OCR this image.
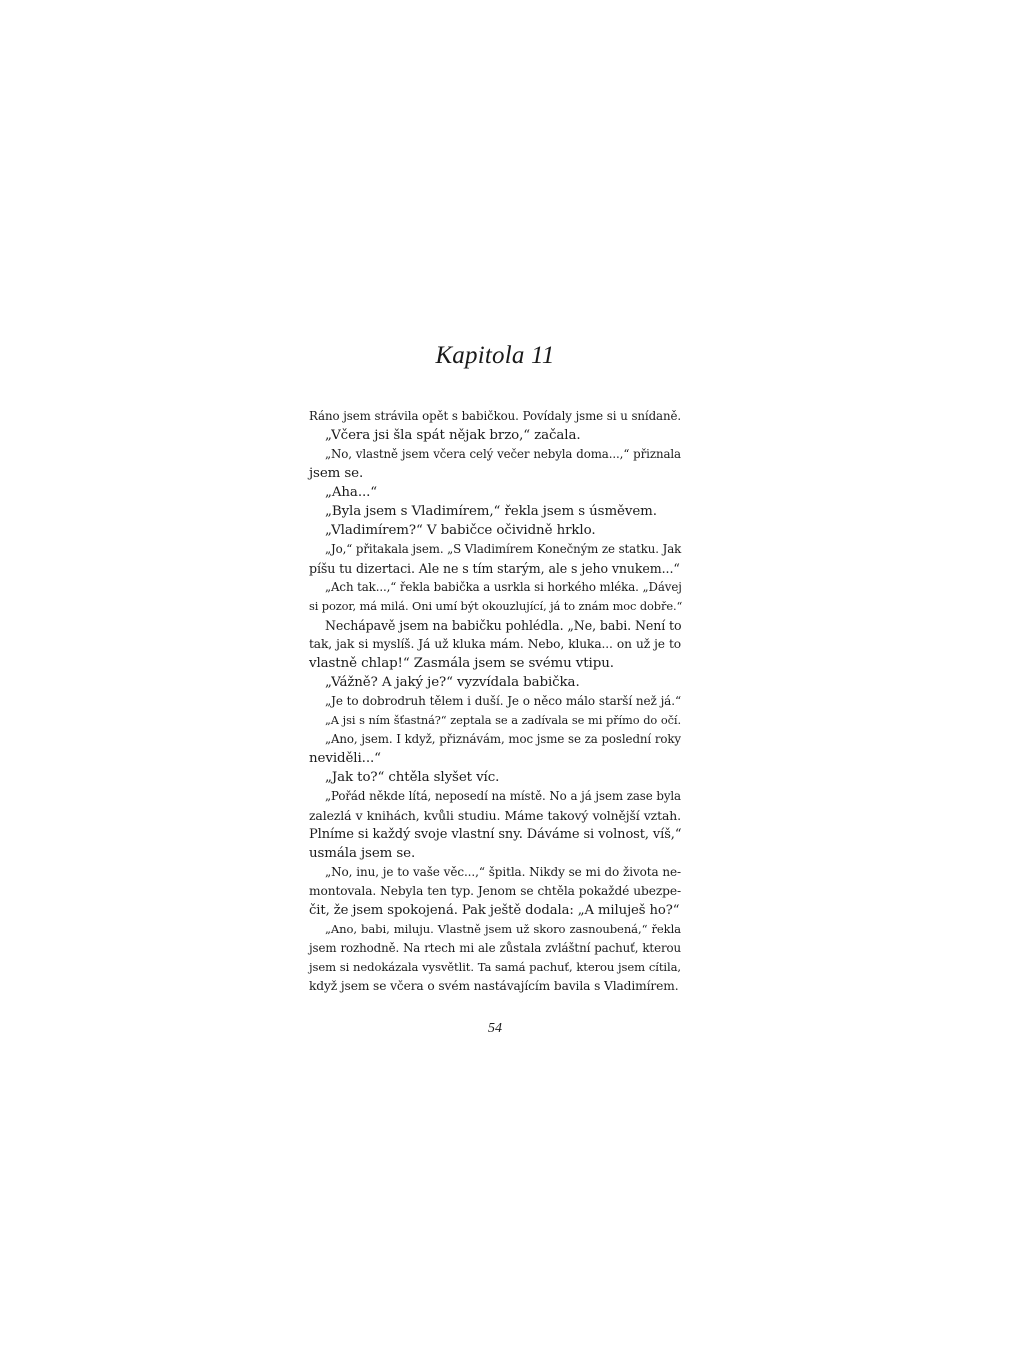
Kapitola 11
Ráno jsem strávila opět s babičkou. Povídaly jsme si u snídaně.
„Včera jsi šla spát nějak brzo,“ začala.
„No, vlastně jsem včera celý večer nebyla doma...,“ přiznala
jsem se.
„Aha...“
„Byla jsem s Vladimírem,“ řekla jsem s úsměvem.
„Vladimírem?“ V babičce očividně hrklo.
„Jo,“ přitakala jsem. „S Vladimírem Konečným ze statku. Jak
píšu tu dizertaci. Ale ne s tím starým, ale s jeho vnukem...“
„Ach tak...,“ řekla babička a usrkla si horkého mléka. „Dávej
si pozor, má milá. Oni umí být okouzlující, já to znám moc dobře.“
Nechápavě jsem na babičku pohlédla. „Ne, babi. Není to
tak, jak si myslíš. Já už kluka mám. Nebo, kluka... on už je to
vlastně chlap!“ Zasmála jsem se svému vtipu.
„Vážně? A jaký je?“ vyzvídala babička.
„Je to dobrodruh tělem i duší. Je o něco málo starší než já.“
„A jsi s ním šťastná?“ zeptala se a zadívala se mi přímo do očí.
„Ano, jsem. I když, přiznávám, moc jsme se za poslední roky
neviděli...“
„Jak to?“ chtěla slyšet víc.
„Pořád někde lítá, neposedí na místě. No a já jsem zase byla
zalezlá v knihách, kvůli studiu. Máme takový volnější vztah.
Plníme si každý svoje vlastní sny. Dáváme si volnost, víš,“
usmála jsem se.
„No, inu, je to vaše věc...,“ špitla. Nikdy se mi do života ne-
montovala. Nebyla ten typ. Jenom se chtěla pokaždé ubezpe-
čit, že jsem spokojená. Pak ještě dodala: „A miluješ ho?“
„Ano, babi, miluju. Vlastně jsem už skoro zasnoubená,“ řekla
jsem rozhodně. Na rtech mi ale zůstala zvláštní pachuť, kterou
jsem si nedokázala vysvětlit. Ta samá pachuť, kterou jsem cítila,
když jsem se včera o svém nastávajícím bavila s Vladimírem.

54
